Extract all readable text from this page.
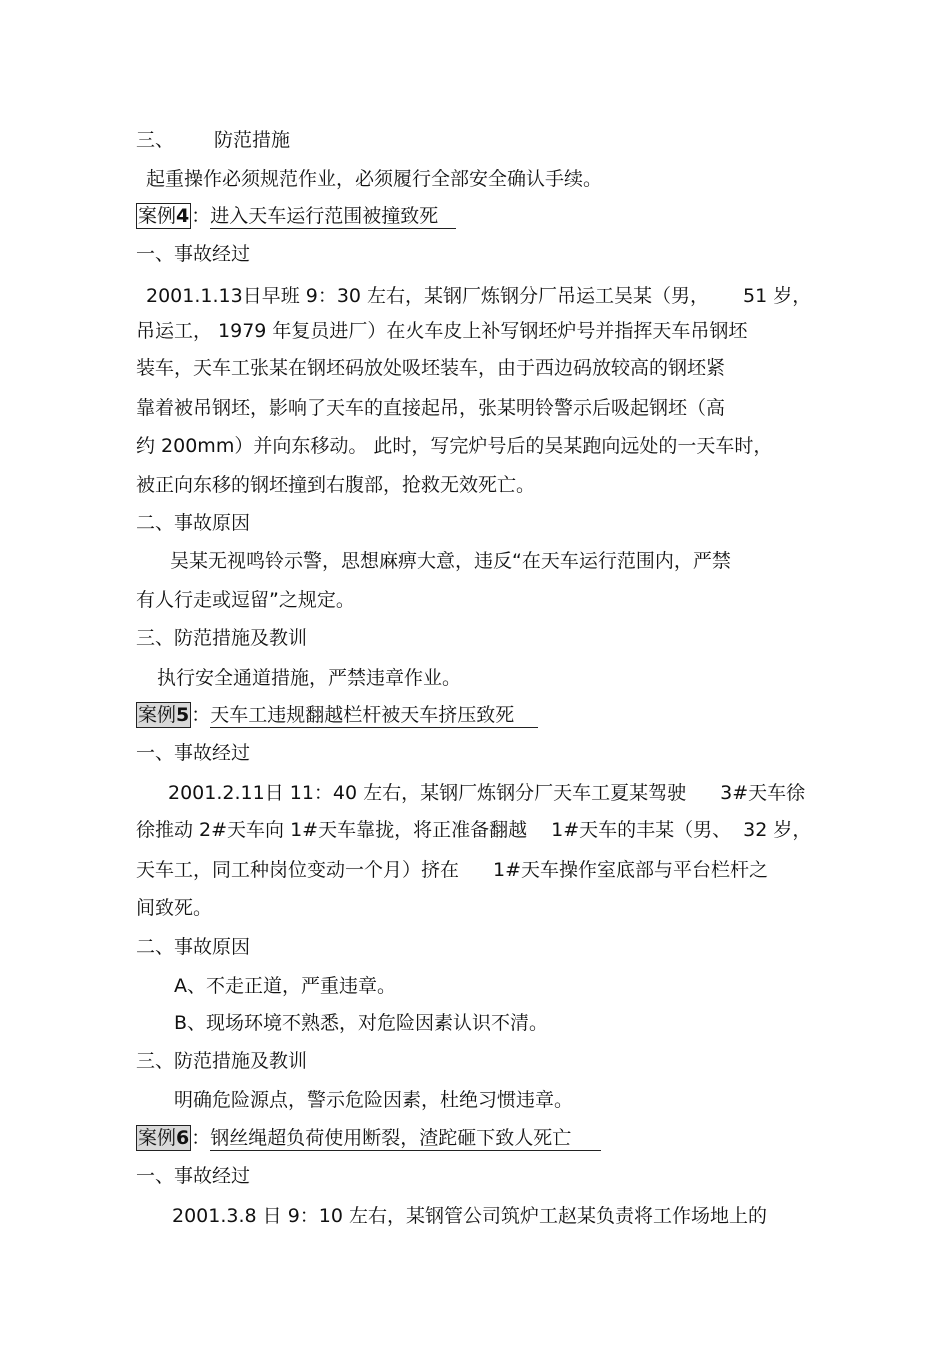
三、 防范措施
起重操作必须规范作业，必须履行全部安全确认手续。
案例4 ：进入天车运行范围被撞致死
一、事故经过
2001.1.13日早班 9：30 左右，某钢厂炼钢分厂吊运工吴某（男， 51 岁，
吊运工， 1979 年复员进厂）在火车皮上补写钢坯炉号并指挥天车吊钢坯
装车，天车工张某在钢坯码放处吸坯装车，由于西边码放较高的钢坯紧
靠着被吊钢坯，影响了天车的直接起吊，张某明铃警示后吸起钢坯（高
约 200mm）并向东移动。 此时，写完炉号后的吴某跑向远处的一天车时，
被正向东移的钢坯撞到右腹部，抢救无效死亡。
二、事故原因
吴某无视鸣铃示警，思想麻痹大意，违反“在天车运行范围内，严禁
有人行走或逗留”之规定。
三、防范措施及教训
执行安全通道措施，严禁违章作业。
案例5 ：天车工违规翻越栏杆被天车挤压致死
一、事故经过
2001.2.11日 11：40 左右，某钢厂炼钢分厂天车工夏某驾驶 3#天车徐
徐推动 2#天车向 1#天车靠拢，将正准备翻越 1#天车的丰某（男、 32 岁，
天车工，同工种岗位变动一个月）挤在 1#天车操作室底部与平台栏杆之
间致死。
二、事故原因
A、不走正道，严重违章。
B、现场环境不熟悉，对危险因素认识不清。
三、防范措施及教训
明确危险源点，警示危险因素，杜绝习惯违章。
案例6 ：钢丝绳超负荷使用断裂，渣跎砸下致人死亡
一、事故经过
2001.3.8 日 9：10 左右，某钢管公司筑炉工赵某负责将工作场地上的
